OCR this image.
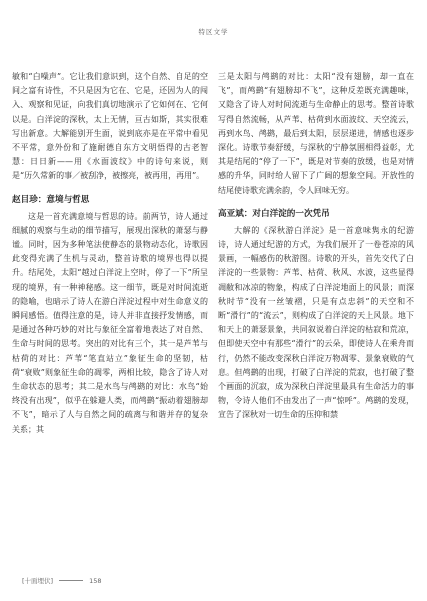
特区文学

敏和“白噪声”。它让我们意识到，这个自然、自足的空间之富有诗性，不只是因为它在、它是，还因为人的闯入、观察和见证，向我们真切地演示了它如何在、它何以是。白洋淀的深秋，太上无情，亘古如斯，其实很难写出新意。大解能别开生面，说到底亦是在平常中看见不平常，意外份和了施耐德自东方文明悟得的古老智慧：日日新——用《水面波纹》中的诗句来说，则是“历久常新的事／被刮净，被擦亮，被再用，再用”。

赵目珍：意境与哲思

这是一首充满意境与哲思的诗。前两节，诗人通过细腻的观察与生动的细节描写，展现出深秋的萧瑟与静谧。同时，因为多种笔法使静态的景物动态化，诗歌因此变得充满了生机与灵动，整首诗歌的境界也得以提升。结尾处，太阳“越过白洋淀上空时，停了一下”所呈现的境界，有一种神秘感。这一细节，既是对时间流逝的隐喻，也暗示了诗人在游白洋淀过程中对生命意义的瞬间感悟。值得注意的是，诗人并非直接抒发情感，而是通过各种巧妙的对比与象征全富着地表达了对自然、生命与时间的思考。突出的对比有三个，其一是芦苇与枯荷的对比：芦苇“笔直站立”象征生命的坚韧，枯荷“衰败”则象征生命的凋零，两相比较，隐含了诗人对生命状态的思考；其二是水鸟与鸬鹚的对比：水鸟“始终没有出现”，似乎在躲避人类，而鸬鹚“振动着翅膀却不飞”，暗示了人与自然之间的疏离与和谐并存的复杂关系；其

三是太阳与鸬鹚的对比：太阳“没有翅膀，却一直在飞”，而鸬鹚“有翅膀却不飞”，这种反差既充满趣味，又隐含了诗人对时间流逝与生命静止的思考。整首诗歌写得自然流畅，从芦苇、枯荷到水面波纹、天空流云，再到水鸟、鸬鹚，最后到太阳，层层递进，情感也逐步深化。诗歌节奏舒缓，与深秋的宁静氛围相得益彰，尤其是结尾的“停了一下”，既是对节奏的放缓，也是对情感的升华，同时给人留下了广阔的想象空间。开放性的结尾使诗歌充满余韵，令人回味无穷。

高亚斌：对白洋淀的一次凭吊

大解的《深秋游白洋淀》是一首意味隽永的纪游诗，诗人通过纪游的方式，为我们展开了一卷苍凉的风景画，一幅感伤的秋游图。诗歌的开头，首先交代了白洋淀的一些景物：芦苇、枯荷、秋风、水波，这些显得凋敝和冰凉的物象，构成了白洋淀地面上的风景；而深秋时节“没有一丝皱褶，只是有点忠斜”的天空和不断“滑行”的“流云”，则构成了白洋淀的天上风景。地下和天上的萧瑟景象，共同叙说着白洋淀的枯寂和荒凉，但即使天空中有那些“滑行”的云朵，即使诗人在乘舟而行，仍然不能改变深秋白洋淀万物凋零、景象衰败的气息。但鸬鹚的出现，打破了白洋淀的荒寂，也打破了整个画面的沉寂，成为深秋白洋淀里最具有生命活力的事物，令诗人他们不由发出了一声“惊呼”。鸬鹚的发现，宣告了深秋对一切生命的压抑和禁

[十面埋伏]	158
